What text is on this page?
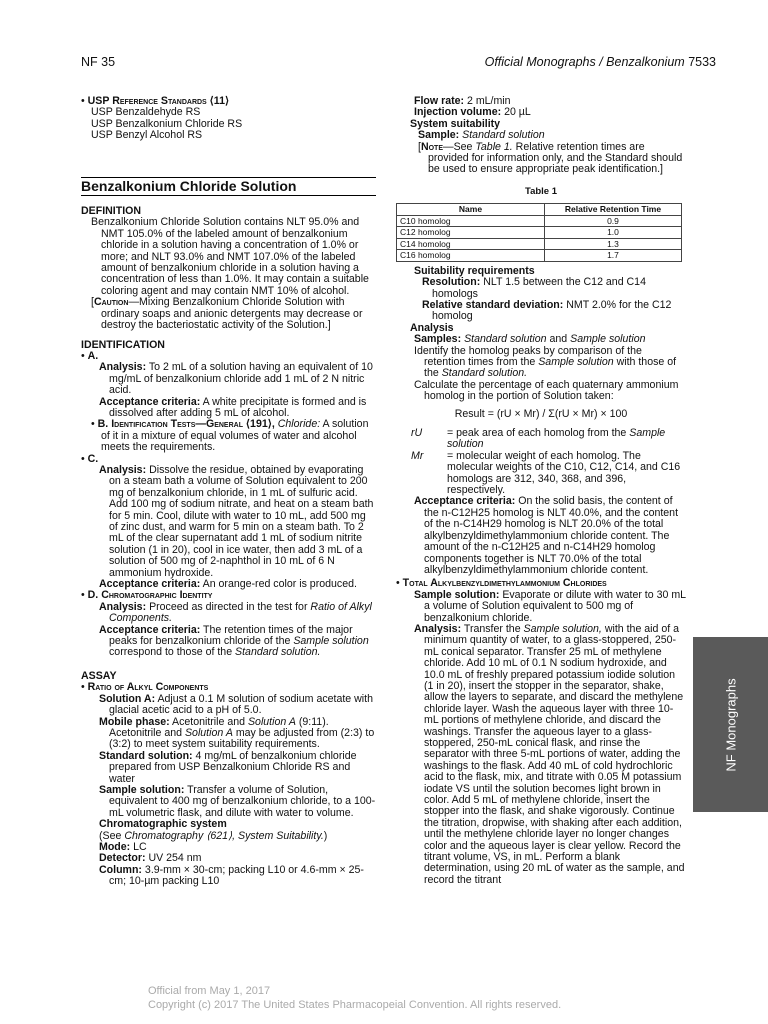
NF 35	Official Monographs / Benzalkonium 7533

• USP Reference Standards ⟨11⟩

USP Benzaldehyde RS

USP Benzalkonium Chloride RS

USP Benzyl Alcohol RS

Benzalkonium Chloride Solution

DEFINITION

Benzalkonium Chloride Solution contains NLT 95.0% and NMT 105.0% of the labeled amount of benzalkonium chloride in a solution having a concentration of 1.0% or more; and NLT 93.0% and NMT 107.0% of the labeled amount of benzalkonium chloride in a solution having a concentration of less than 1.0%. It may contain a suitable coloring agent and may contain NMT 10% of alcohol.

[Caution—Mixing Benzalkonium Chloride Solution with ordinary soaps and anionic detergents may decrease or destroy the bacteriostatic activity of the Solution.]

IDENTIFICATION

• A.

Analysis: To 2 mL of a solution having an equivalent of 10 mg/mL of benzalkonium chloride add 1 mL of 2 N nitric acid.

Acceptance criteria: A white precipitate is formed and is dissolved after adding 5 mL of alcohol.

• B. Identification Tests—General ⟨191⟩, Chloride: A solution of it in a mixture of equal volumes of water and alcohol meets the requirements.

• C.

Analysis: Dissolve the residue, obtained by evaporating on a steam bath a volume of Solution equivalent to 200 mg of benzalkonium chloride, in 1 mL of sulfuric acid. Add 100 mg of sodium nitrate, and heat on a steam bath for 5 min. Cool, dilute with water to 10 mL, add 500 mg of zinc dust, and warm for 5 min on a steam bath. To 2 mL of the clear supernatant add 1 mL of sodium nitrite solution (1 in 20), cool in ice water, then add 3 mL of a solution of 500 mg of 2-naphthol in 10 mL of 6 N ammonium hydroxide.

Acceptance criteria: An orange-red color is produced.

• D. Chromatographic Identity

Analysis: Proceed as directed in the test for Ratio of Alkyl Components.

Acceptance criteria: The retention times of the major peaks for benzalkonium chloride of the Sample solution correspond to those of the Standard solution.

ASSAY

• Ratio of Alkyl Components

Solution A: Adjust a 0.1 M solution of sodium acetate with glacial acetic acid to a pH of 5.0.

Mobile phase: Acetonitrile and Solution A (9:11). Acetonitrile and Solution A may be adjusted from (2:3) to (3:2) to meet system suitability requirements.

Standard solution: 4 mg/mL of benzalkonium chloride prepared from USP Benzalkonium Chloride RS and water

Sample solution: Transfer a volume of Solution, equivalent to 400 mg of benzalkonium chloride, to a 100-mL volumetric flask, and dilute with water to volume.

Chromatographic system

(See Chromatography ⟨621⟩, System Suitability.)

Mode: LC

Detector: UV 254 nm

Column: 3.9-mm × 30-cm; packing L10 or 4.6-mm × 25-cm; 10-µm packing L10

Flow rate: 2 mL/min

Injection volume: 20 µL

System suitability

Sample: Standard solution

[Note—See Table 1. Relative retention times are provided for information only, and the Standard should be used to ensure appropriate peak identification.]

Table 1
Name	Relative Retention Time
C10 homolog	0.9
C12 homolog	1.0
C14 homolog	1.3
C16 homolog	1.7

Suitability requirements

Resolution: NLT 1.5 between the C12 and C14 homologs

Relative standard deviation: NMT 2.0% for the C12 homolog

Analysis

Samples: Standard solution and Sample solution

Identify the homolog peaks by comparison of the retention times from the Sample solution with those of the Standard solution.

Calculate the percentage of each quaternary ammonium homolog in the portion of Solution taken:

Result = (rU × Mr) / Σ(rU × Mr) × 100

rU	= peak area of each homolog from the Sample solution
Mr	= molecular weight of each homolog. The molecular weights of the C10, C12, C14, and C16 homologs are 312, 340, 368, and 396, respectively.

Acceptance criteria: On the solid basis, the content of the n-C12H25 homolog is NLT 40.0%, and the content of the n-C14H29 homolog is NLT 20.0% of the total alkylbenzyldimethylammonium chloride content. The amount of the n-C12H25 and n-C14H29 homolog components together is NLT 70.0% of the total alkylbenzyldimethylammonium chloride content.

• Total Alkylbenzyldimethylammonium Chlorides

Sample solution: Evaporate or dilute with water to 30 mL a volume of Solution equivalent to 500 mg of benzalkonium chloride.

Analysis: Transfer the Sample solution, with the aid of a minimum quantity of water, to a glass-stoppered, 250-mL conical separator. Transfer 25 mL of methylene chloride. Add 10 mL of 0.1 N sodium hydroxide, and 10.0 mL of freshly prepared potassium iodide solution (1 in 20), insert the stopper in the separator, shake, allow the layers to separate, and discard the methylene chloride layer. Wash the aqueous layer with three 10-mL portions of methylene chloride, and discard the washings. Transfer the aqueous layer to a glass-stoppered, 250-mL conical flask, and rinse the separator with three 5-mL portions of water, adding the washings to the flask. Add 40 mL of cold hydrochloric acid to the flask, mix, and titrate with 0.05 M potassium iodate VS until the solution becomes light brown in color. Add 5 mL of methylene chloride, insert the stopper into the flask, and shake vigorously. Continue the titration, dropwise, with shaking after each addition, until the methylene chloride layer no longer changes color and the aqueous layer is clear yellow. Record the titrant volume, VS, in mL. Perform a blank determination, using 20 mL of water as the sample, and record the titrant

NF Monographs
Official from May 1, 2017
Copyright (c) 2017 The United States Pharmacopeial Convention. All rights reserved.
